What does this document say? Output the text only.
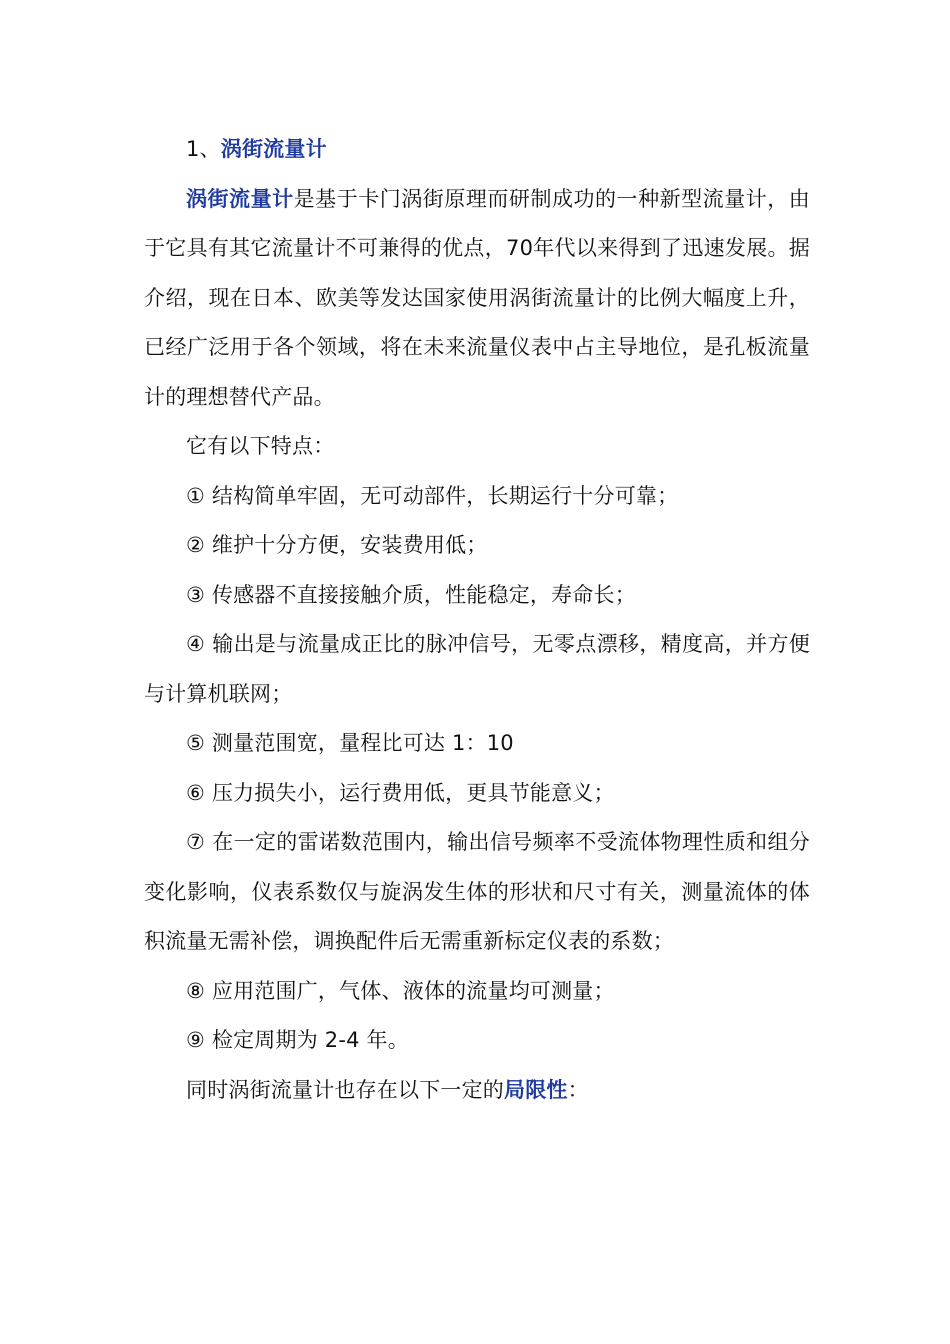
1、涡街流量计

涡街流量计是基于卡门涡街原理而研制成功的一种新型流量计，由于它具有其它流量计不可兼得的优点，70年代以来得到了迅速发展。据介绍，现在日本、欧美等发达国家使用涡街流量计的比例大幅度上升，已经广泛用于各个领域，将在未来流量仪表中占主导地位，是孔板流量计的理想替代产品。

它有以下特点：

① 结构简单牢固，无可动部件，长期运行十分可靠；

② 维护十分方便，安装费用低；

③ 传感器不直接接触介质，性能稳定，寿命长；

④ 输出是与流量成正比的脉冲信号，无零点漂移，精度高，并方便与计算机联网；

⑤ 测量范围宽，量程比可达 1：10

⑥ 压力损失小，运行费用低，更具节能意义；

⑦ 在一定的雷诺数范围内，输出信号频率不受流体物理性质和组分变化影响，仪表系数仅与旋涡发生体的形状和尺寸有关，测量流体的体积流量无需补偿，调换配件后无需重新标定仪表的系数；

⑧ 应用范围广，气体、液体的流量均可测量；

⑨ 检定周期为 2-4 年。

同时涡街流量计也存在以下一定的局限性：
